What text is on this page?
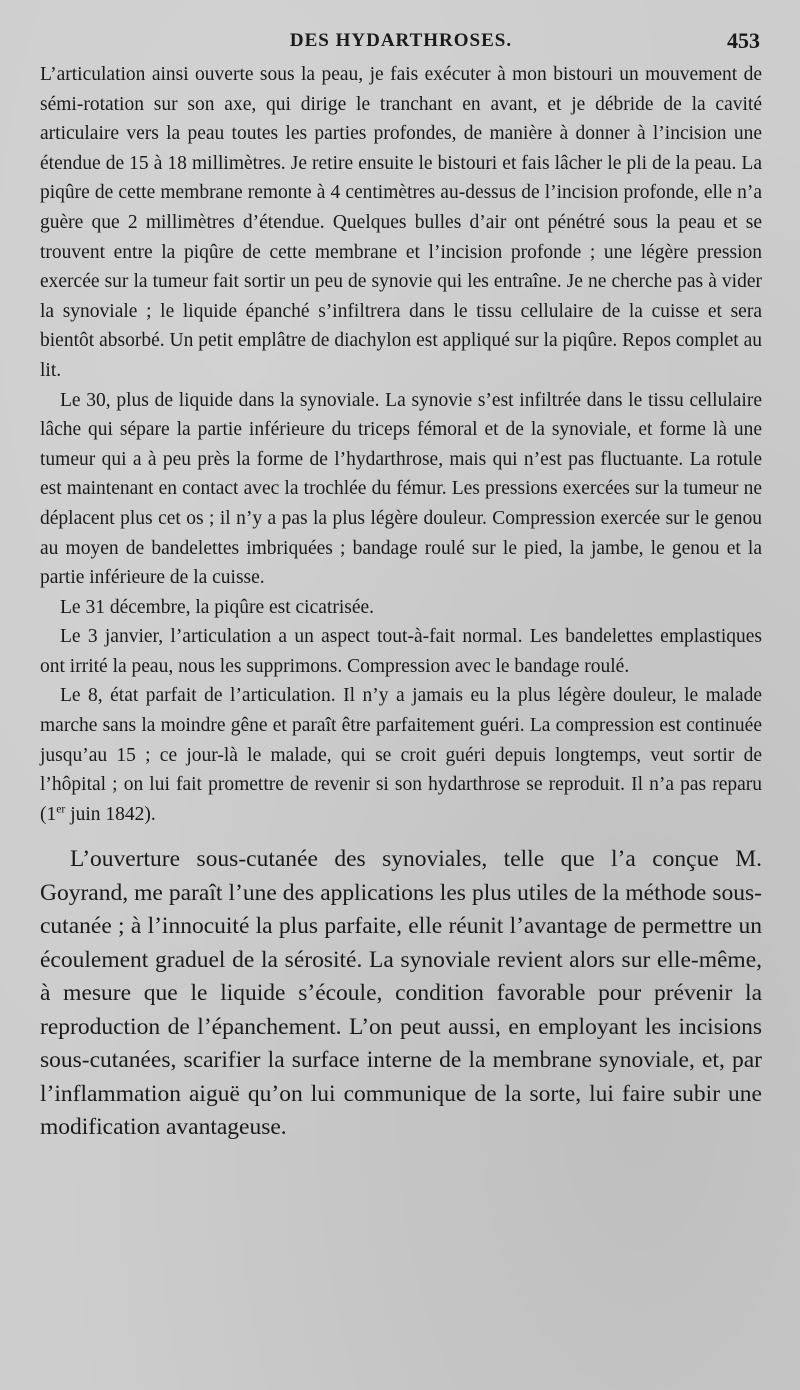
DES HYDARTHROSES.	453

L’articulation ainsi ouverte sous la peau, je fais exécuter à mon bistouri un mouvement de sémi-rotation sur son axe, qui dirige le tranchant en avant, et je débride de la cavité articulaire vers la peau toutes les parties profondes, de manière à donner à l’incision une étendue de 15 à 18 millimètres. Je retire ensuite le bistouri et fais lâcher le pli de la peau. La piqûre de cette membrane remonte à 4 centimètres au-dessus de l’incision profonde, elle n’a guère que 2 millimètres d’étendue. Quelques bulles d’air ont pénétré sous la peau et se trouvent entre la piqûre de cette membrane et l’incision profonde ; une légère pression exercée sur la tumeur fait sortir un peu de synovie qui les entraîne. Je ne cherche pas à vider la synoviale ; le liquide épanché s’infiltrera dans le tissu cellulaire de la cuisse et sera bientôt absorbé. Un petit emplâtre de diachylon est appliqué sur la piqûre. Repos complet au lit.

Le 30, plus de liquide dans la synoviale. La synovie s’est infiltrée dans le tissu cellulaire lâche qui sépare la partie inférieure du triceps fémoral et de la synoviale, et forme là une tumeur qui a à peu près la forme de l’hydarthrose, mais qui n’est pas fluctuante. La rotule est maintenant en contact avec la trochlée du fémur. Les pressions exercées sur la tumeur ne déplacent plus cet os ; il n’y a pas la plus légère douleur. Compression exercée sur le genou au moyen de bandelettes imbriquées ; bandage roulé sur le pied, la jambe, le genou et la partie inférieure de la cuisse.

Le 31 décembre, la piqûre est cicatrisée.

Le 3 janvier, l’articulation a un aspect tout-à-fait normal. Les bandelettes emplastiques ont irrité la peau, nous les supprimons. Compression avec le bandage roulé.

Le 8, état parfait de l’articulation. Il n’y a jamais eu la plus légère douleur, le malade marche sans la moindre gêne et paraît être parfaitement guéri. La compression est continuée jusqu’au 15 ; ce jour-là le malade, qui se croit guéri depuis longtemps, veut sortir de l’hôpital ; on lui fait promettre de revenir si son hydarthrose se reproduit. Il n’a pas reparu (1er juin 1842).

L’ouverture sous-cutanée des synoviales, telle que l’a conçue M. Goyrand, me paraît l’une des applications les plus utiles de la méthode sous-cutanée ; à l’innocuité la plus parfaite, elle réunit l’avantage de permettre un écoulement graduel de la sérosité. La synoviale revient alors sur elle-même, à mesure que le liquide s’écoule, condition favorable pour prévenir la reproduction de l’épanchement. L’on peut aussi, en employant les incisions sous-cutanées, scarifier la surface interne de la membrane synoviale, et, par l’inflammation aiguë qu’on lui communique de la sorte, lui faire subir une modification avantageuse.
